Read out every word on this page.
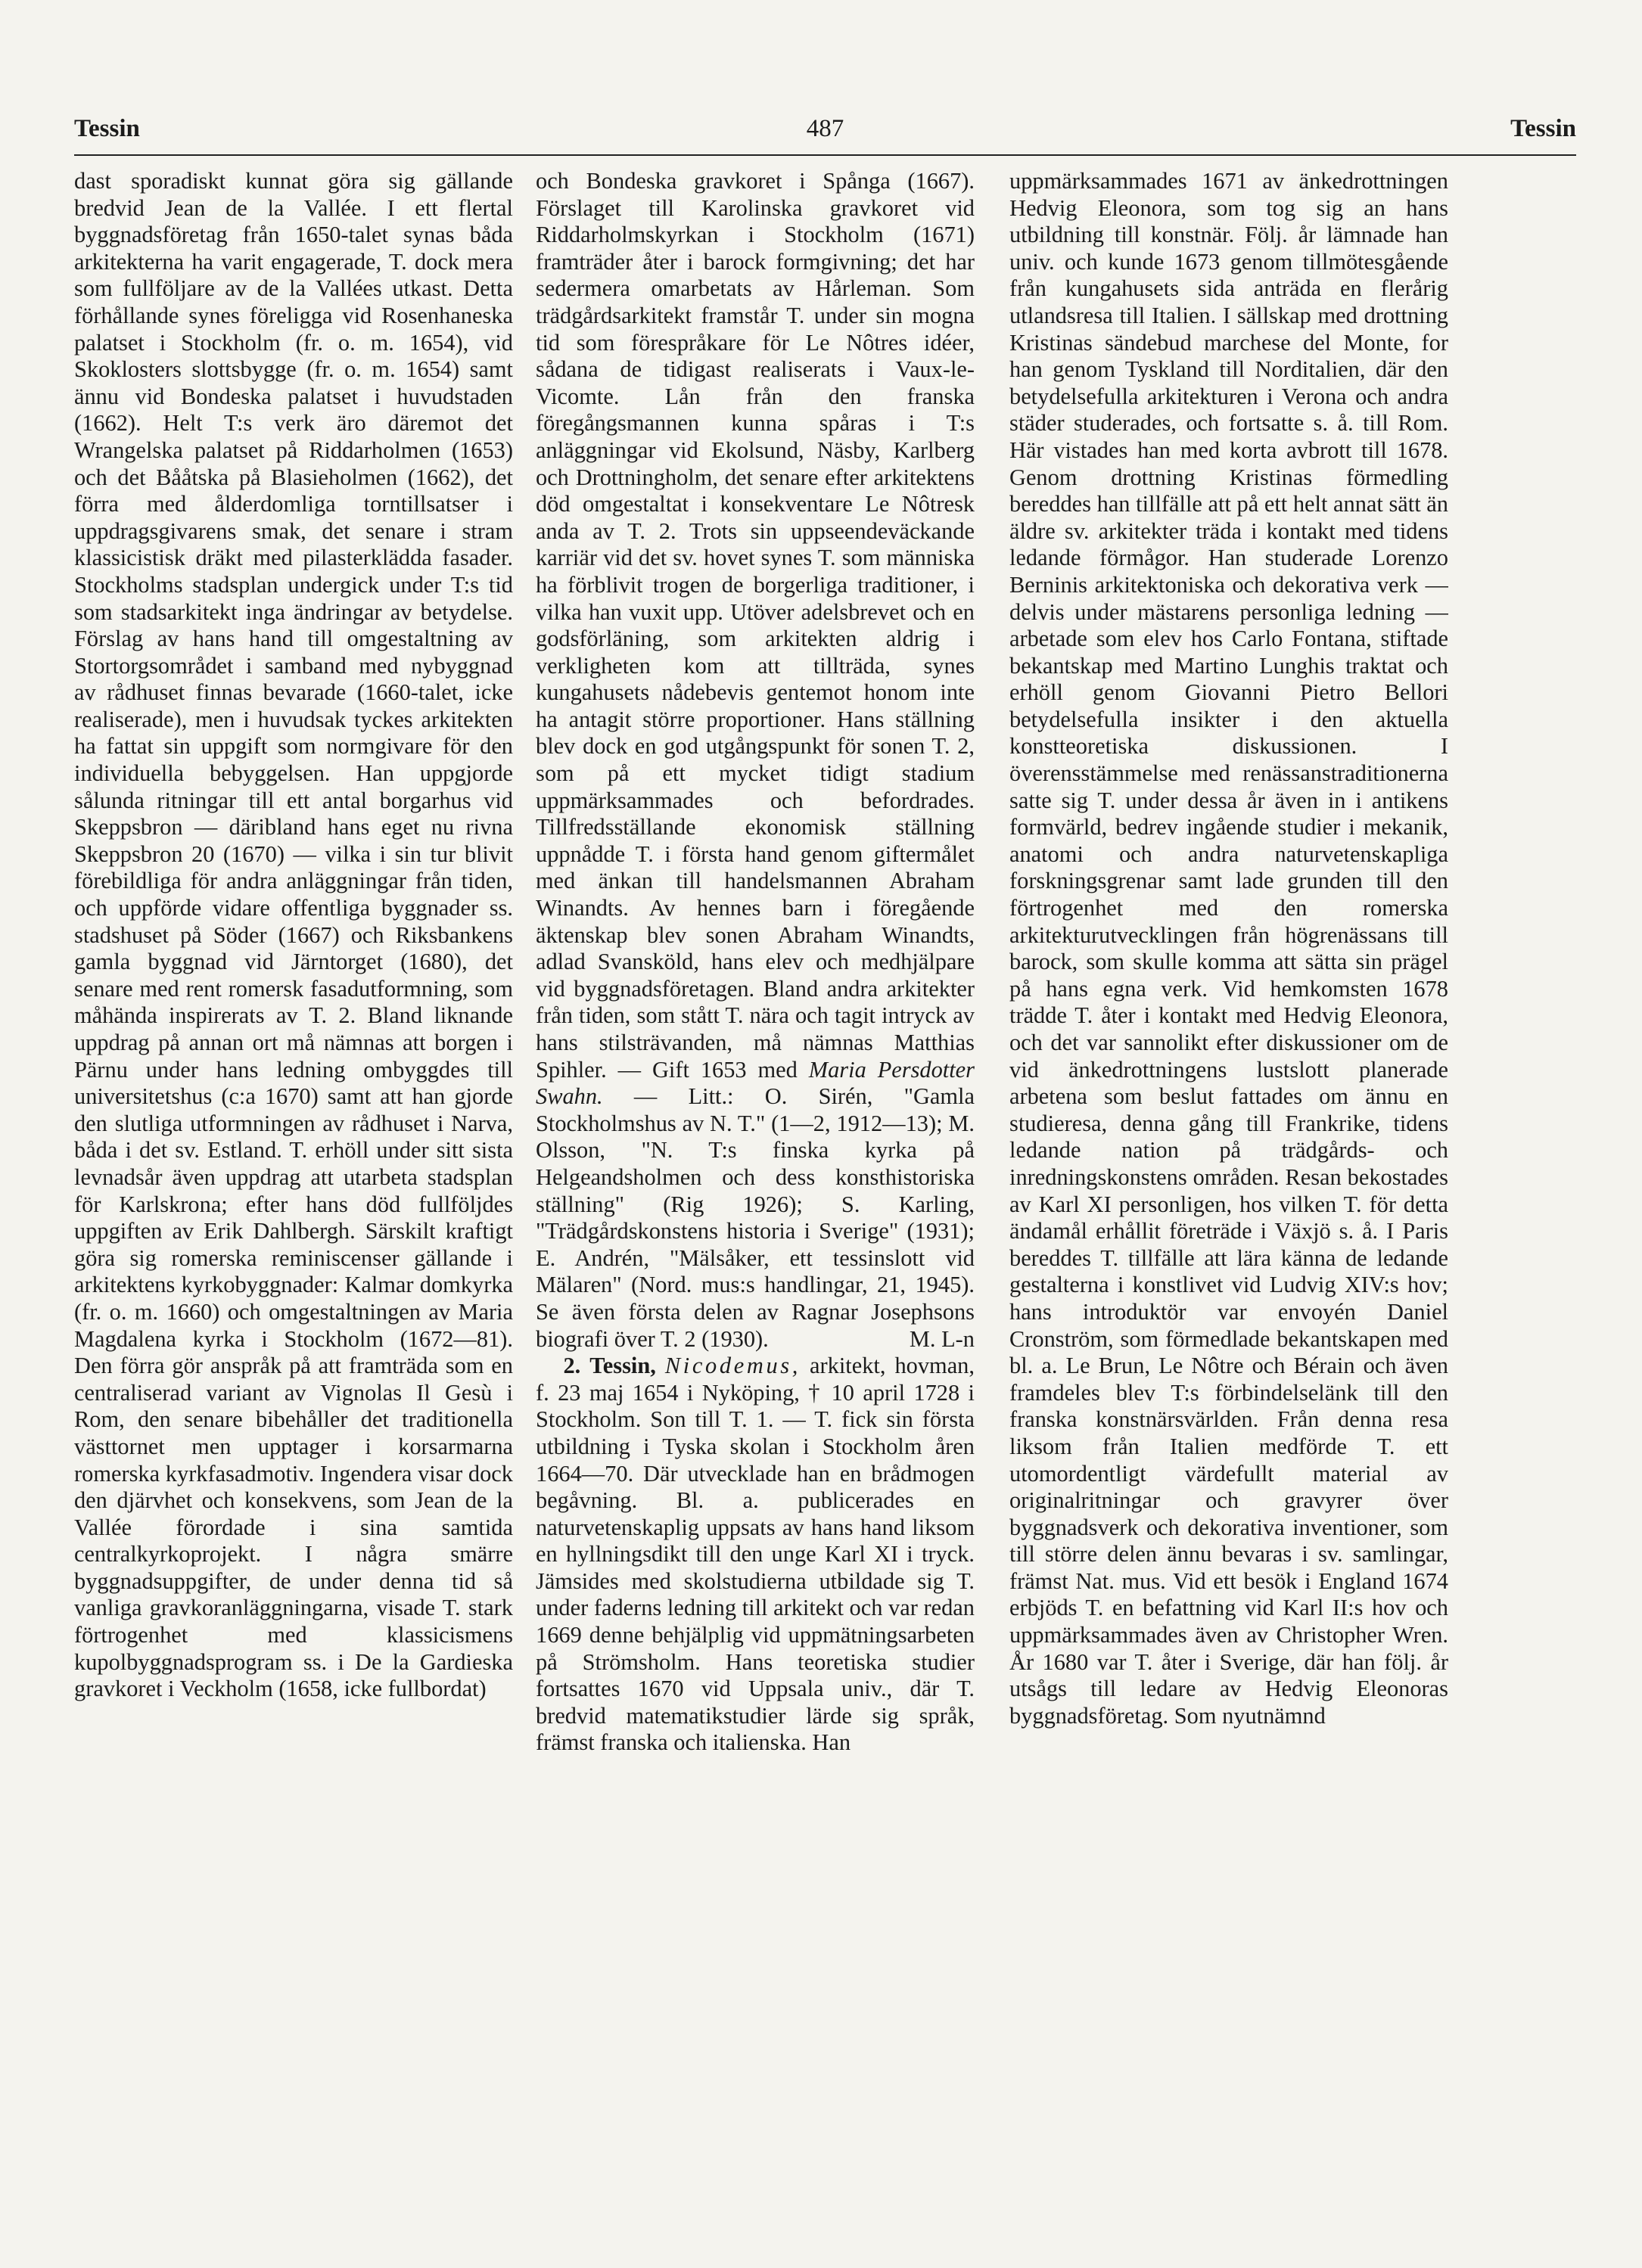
Tessin	487	Tessin

dast sporadiskt kunnat göra sig gällande bredvid Jean de la Vallée. I ett flertal byggnadsföretag från 1650-talet synas båda arkitekterna ha varit engagerade, T. dock mera som fullföljare av de la Vallées utkast. Detta förhållande synes föreligga vid Rosenhaneska palatset i Stockholm (fr. o. m. 1654), vid Skoklosters slottsbygge (fr. o. m. 1654) samt ännu vid Bondeska palatset i huvudstaden (1662). Helt T:s verk äro däremot det Wrangelska palatset på Riddarholmen (1653) och det Bååtska på Blasieholmen (1662), det förra med ålderdomliga torntillsatser i uppdragsgivarens smak, det senare i stram klassicistisk dräkt med pilasterklädda fasader. Stockholms stadsplan undergick under T:s tid som stadsarkitekt inga ändringar av betydelse. Förslag av hans hand till omgestaltning av Stortorgsområdet i samband med nybyggnad av rådhuset finnas bevarade (1660-talet, icke realiserade), men i huvudsak tyckes arkitekten ha fattat sin uppgift som normgivare för den individuella bebyggelsen. Han uppgjorde sålunda ritningar till ett antal borgarhus vid Skeppsbron — däribland hans eget nu rivna Skeppsbron 20 (1670) — vilka i sin tur blivit förebildliga för andra anläggningar från tiden, och uppförde vidare offentliga byggnader ss. stadshuset på Söder (1667) och Riksbankens gamla byggnad vid Järntorget (1680), det senare med rent romersk fasadutformning, som måhända inspirerats av T. 2. Bland liknande uppdrag på annan ort må nämnas att borgen i Pärnu under hans ledning ombyggdes till universitetshus (c:a 1670) samt att han gjorde den slutliga utformningen av rådhuset i Narva, båda i det sv. Estland. T. erhöll under sitt sista levnadsår även uppdrag att utarbeta stadsplan för Karlskrona; efter hans död fullföljdes uppgiften av Erik Dahlbergh. Särskilt kraftigt göra sig romerska reminiscenser gällande i arkitektens kyrkobyggnader: Kalmar domkyrka (fr. o. m. 1660) och omgestaltningen av Maria Magdalena kyrka i Stockholm (1672—81). Den förra gör anspråk på att framträda som en centraliserad variant av Vignolas Il Gesù i Rom, den senare bibehåller det traditionella västtornet men upptager i korsarmarna romerska kyrkfasadmotiv. Ingendera visar dock den djärvhet och konsekvens, som Jean de la Vallée förordade i sina samtida centralkyrkoprojekt. I några smärre byggnadsuppgifter, de under denna tid så vanliga gravkoranläggningarna, visade T. stark förtrogenhet med klassicismens kupolbyggnadsprogram ss. i De la Gardieska gravkoret i Veckholm (1658, icke fullbordat)

och Bondeska gravkoret i Spånga (1667). Förslaget till Karolinska gravkoret vid Riddarholmskyrkan i Stockholm (1671) framträder åter i barock formgivning; det har sedermera omarbetats av Hårleman. Som trädgårdsarkitekt framstår T. under sin mogna tid som förespråkare för Le Nôtres idéer, sådana de tidigast realiserats i Vaux-le-Vicomte. Lån från den franska föregångsmannen kunna spåras i T:s anläggningar vid Ekolsund, Näsby, Karlberg och Drottningholm, det senare efter arkitektens död omgestaltat i konsekventare Le Nôtresk anda av T. 2. Trots sin uppseendeväckande karriär vid det sv. hovet synes T. som människa ha förblivit trogen de borgerliga traditioner, i vilka han vuxit upp. Utöver adelsbrevet och en godsförläning, som arkitekten aldrig i verkligheten kom att tillträda, synes kungahusets nådebevis gentemot honom inte ha antagit större proportioner. Hans ställning blev dock en god utgångspunkt för sonen T. 2, som på ett mycket tidigt stadium uppmärksammades och befordrades. Tillfredsställande ekonomisk ställning uppnådde T. i första hand genom giftermålet med änkan till handelsmannen Abraham Winandts. Av hennes barn i föregående äktenskap blev sonen Abraham Winandts, adlad Svansköld, hans elev och medhjälpare vid byggnadsföretagen. Bland andra arkitekter från tiden, som stått T. nära och tagit intryck av hans stilsträvanden, må nämnas Matthias Spihler. — Gift 1653 med Maria Persdotter Swahn. — Litt.: O. Sirén, "Gamla Stockholmshus av N. T." (1—2, 1912—13); M. Olsson, "N. T:s finska kyrka på Helgeandsholmen och dess konsthistoriska ställning" (Rig 1926); S. Karling, "Trädgårdskonstens historia i Sverige" (1931); E. Andrén, "Mälsåker, ett tessinslott vid Mälaren" (Nord. mus:s handlingar, 21, 1945). Se även första delen av Ragnar Josephsons biografi över T. 2 (1930).	M. L-n

2. Tessin, Nicodemus, arkitekt, hovman, f. 23 maj 1654 i Nyköping, † 10 april 1728 i Stockholm. Son till T. 1. — T. fick sin första utbildning i Tyska skolan i Stockholm åren 1664—70. Där utvecklade han en brådmogen begåvning. Bl. a. publicerades en naturvetenskaplig uppsats av hans hand liksom en hyllningsdikt till den unge Karl XI i tryck. Jämsides med skolstudierna utbildade sig T. under faderns ledning till arkitekt och var redan 1669 denne behjälplig vid uppmätningsarbeten på Strömsholm. Hans teoretiska studier fortsattes 1670 vid Uppsala univ., där T. bredvid matematikstudier lärde sig språk, främst franska och italienska. Han

uppmärksammades 1671 av änkedrottningen Hedvig Eleonora, som tog sig an hans utbildning till konstnär. Följ. år lämnade han univ. och kunde 1673 genom tillmötesgående från kungahusets sida anträda en flerårig utlandsresa till Italien. I sällskap med drottning Kristinas sändebud marchese del Monte, for han genom Tyskland till Norditalien, där den betydelsefulla arkitekturen i Verona och andra städer studerades, och fortsatte s. å. till Rom. Här vistades han med korta avbrott till 1678. Genom drottning Kristinas förmedling bereddes han tillfälle att på ett helt annat sätt än äldre sv. arkitekter träda i kontakt med tidens ledande förmågor. Han studerade Lorenzo Berninis arkitektoniska och dekorativa verk — delvis under mästarens personliga ledning — arbetade som elev hos Carlo Fontana, stiftade bekantskap med Martino Lunghis traktat och erhöll genom Giovanni Pietro Bellori betydelsefulla insikter i den aktuella konstteoretiska diskussionen. I överensstämmelse med renässanstraditionerna satte sig T. under dessa år även in i antikens formvärld, bedrev ingående studier i mekanik, anatomi och andra naturvetenskapliga forskningsgrenar samt lade grunden till den förtrogenhet med den romerska arkitekturutvecklingen från högrenässans till barock, som skulle komma att sätta sin prägel på hans egna verk. Vid hemkomsten 1678 trädde T. åter i kontakt med Hedvig Eleonora, och det var sannolikt efter diskussioner om de vid änkedrottningens lustslott planerade arbetena som beslut fattades om ännu en studieresa, denna gång till Frankrike, tidens ledande nation på trädgårds- och inredningskonstens områden. Resan bekostades av Karl XI personligen, hos vilken T. för detta ändamål erhållit företräde i Växjö s. å. I Paris bereddes T. tillfälle att lära känna de ledande gestalterna i konstlivet vid Ludvig XIV:s hov; hans introduktör var envoyén Daniel Cronström, som förmedlade bekantskapen med bl. a. Le Brun, Le Nôtre och Bérain och även framdeles blev T:s förbindelselänk till den franska konstnärsvärlden. Från denna resa liksom från Italien medförde T. ett utomordentligt värdefullt material av originalritningar och gravyrer över byggnadsverk och dekorativa inventioner, som till större delen ännu bevaras i sv. samlingar, främst Nat. mus. Vid ett besök i England 1674 erbjöds T. en befattning vid Karl II:s hov och uppmärksammades även av Christopher Wren. År 1680 var T. åter i Sverige, där han följ. år utsågs till ledare av Hedvig Eleonoras byggnadsföretag. Som nyutnämnd
